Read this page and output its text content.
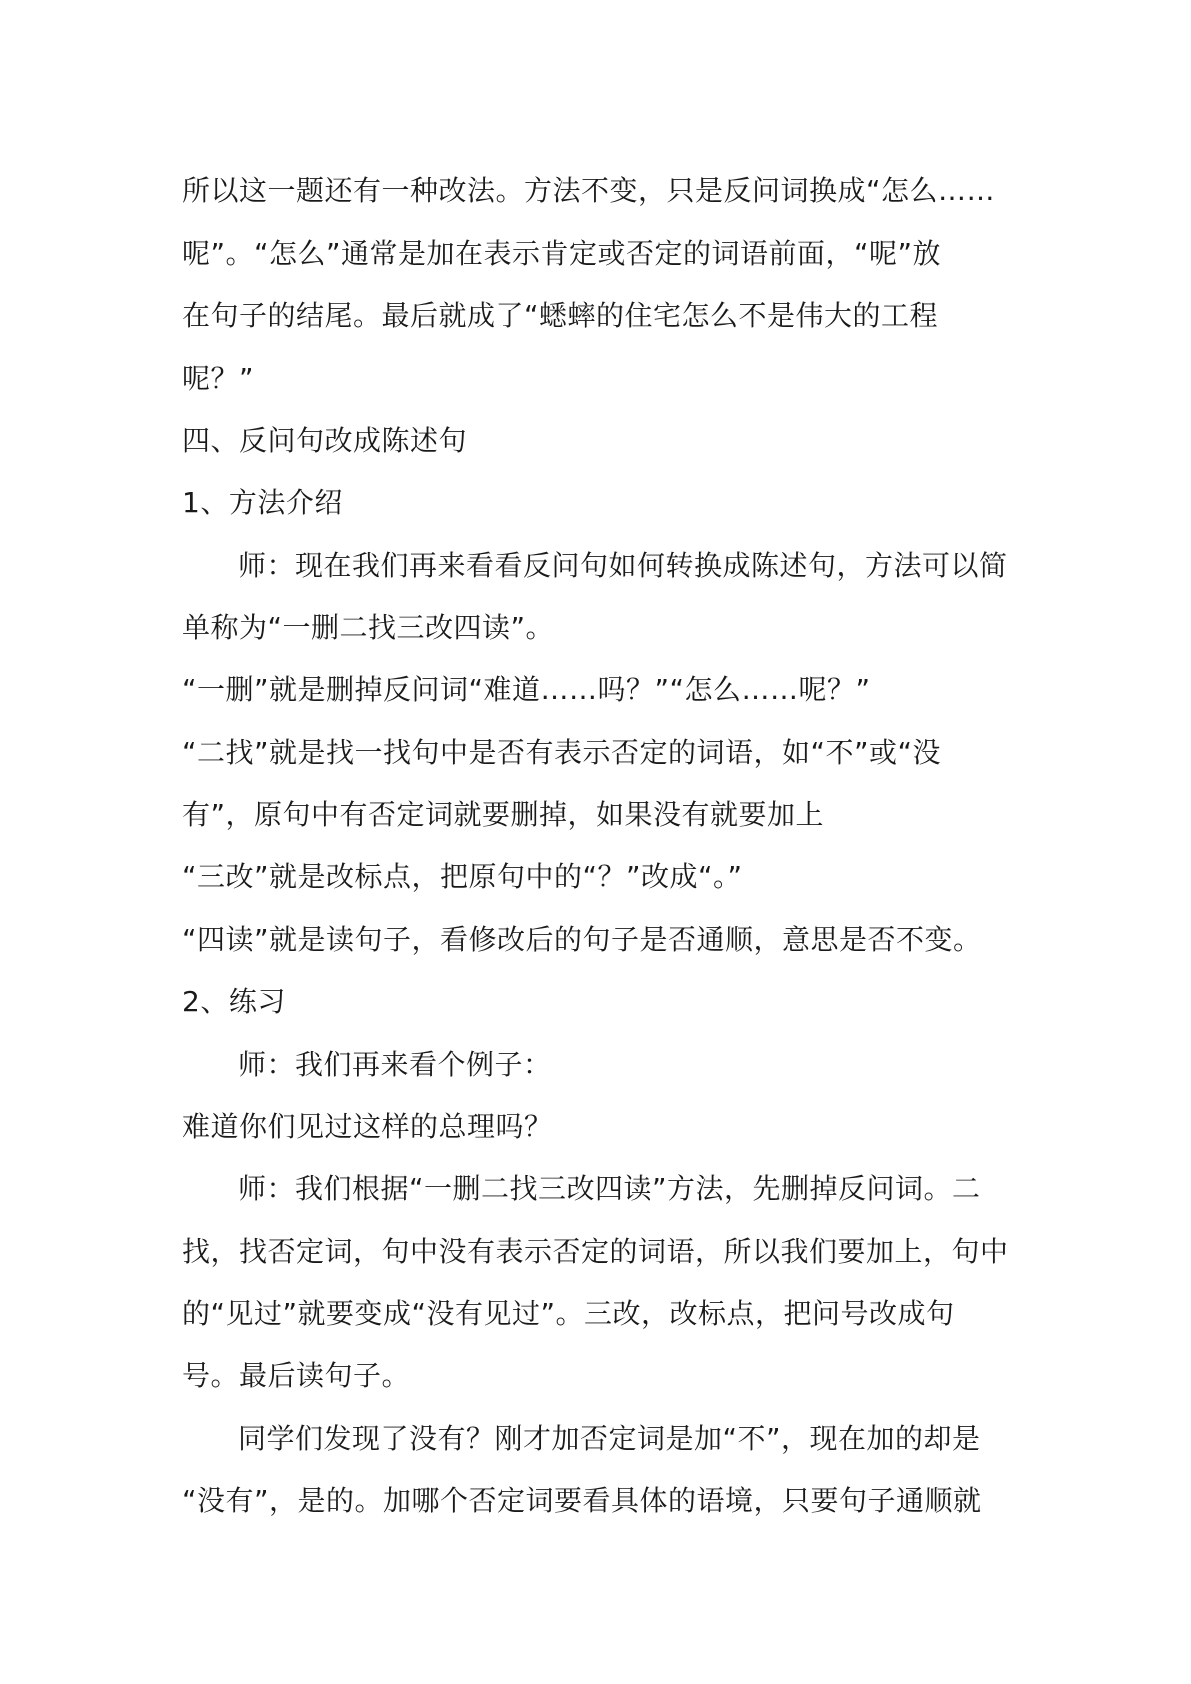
所以这一题还有一种改法。方法不变，只是反问词换成“怎么……
呢”。“怎么”通常是加在表示肯定或否定的词语前面，“呢”放
在句子的结尾。最后就成了“蟋蟀的住宅怎么不是伟大的工程
呢？”
四、反问句改成陈述句
1、方法介绍
师：现在我们再来看看反问句如何转换成陈述句，方法可以简
单称为“一删二找三改四读”。
“一删”就是删掉反问词“难道……吗？”“怎么……呢？”
“二找”就是找一找句中是否有表示否定的词语，如“不”或“没
有”，原句中有否定词就要删掉，如果没有就要加上
“三改”就是改标点，把原句中的“？”改成“。”
“四读”就是读句子，看修改后的句子是否通顺，意思是否不变。
2、练习
师：我们再来看个例子：
难道你们见过这样的总理吗？
师：我们根据“一删二找三改四读”方法，先删掉反问词。二
找，找否定词，句中没有表示否定的词语，所以我们要加上，句中
的“见过”就要变成“没有见过”。三改，改标点，把问号改成句
号。最后读句子。
同学们发现了没有？刚才加否定词是加“不”，现在加的却是
“没有”，是的。加哪个否定词要看具体的语境，只要句子通顺就
